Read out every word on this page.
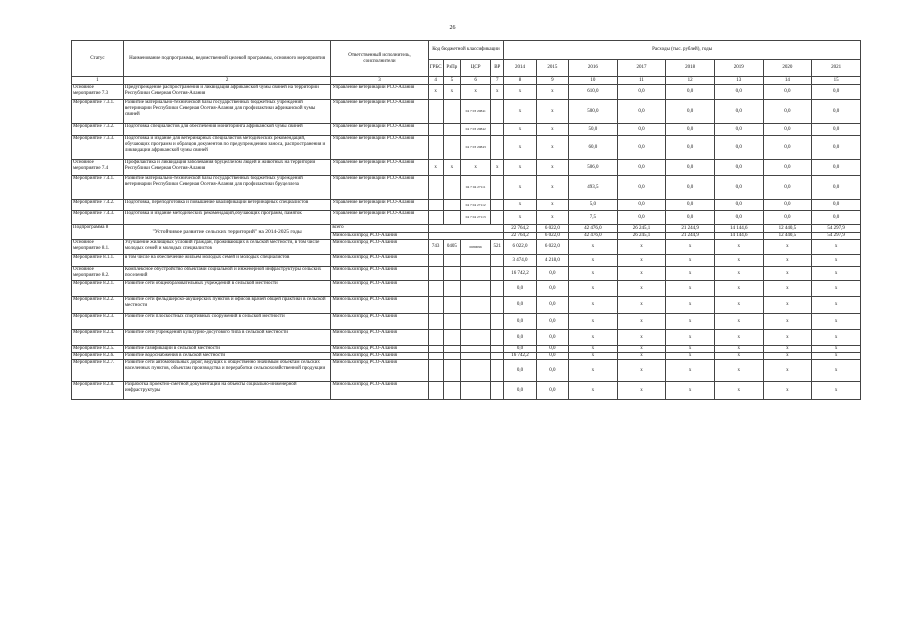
26
Статус	Наименование подпрограммы, ведомственной целевой программы, основного мероприятия	Ответственный исполнитель, соисполнители	Код бюджетной классификации				Расходы (тыс. рублей), годы							
			ГРБС	РзПр	ЦСР	ВР	2014	2015	2016	2017	2018	2019	2020	2021
1	2	3	4	5	6	7	8	9	10	11	12	13	14	15
Основное мероприятие 7.3	Предупреждение распространения и ликвидация африканской чумы свиней на территории Республики Северная Осетия-Алания	Управление ветеринарии РСО-Алания	х	х	х	х	х	х	610,0	0,0	0,0	0,0	0,0	0,0
Мероприятие 7.3.1.	Развитие материально-технической базы государственных бюджетных учреждений ветеринарии Республики Северная Осетия-Алания для профилактики африканской чумы свиней	Управление ветеринарии РСО-Алания			04 7 03 20841		х	х	500,0	0,0	0,0	0,0	0,0	0,0
Мероприятие 7.3.2.	Подготовка специалистов для обеспечения мониторинга африканской чумы свиней	Управление ветеринарии РСО-Алания			04 7 03 20842		х	х	50,0	0,0	0,0	0,0	0,0	0,0
Мероприятие 7.3.3.	Подготовка и издание для ветеринарных специалистов методических рекомендаций, обучающих программ и образцов документов по предупреждению заноса, распространения и ликвидации африканской чумы свиней	Управление ветеринарии РСО-Алания			04 7 03 20843		х	х	60,0	0,0	0,0	0,0	0,0	0,0
Основное мероприятие 7.4	Профилактика и ликвидация заболевания бруцеллезом людей и животных на территории Республики Северная Осетия-Алания	Управление ветеринарии РСО-Алания	х	х	х	х	х	х	506,0	0,0	0,0	0,0	0,0	0,0
Мероприятие 7.4.1.	Развитие материально-технической базы государственных бюджетных учреждений ветеринарии Республики Северная Осетия-Алания для профилактики бруцеллеза	Управление ветеринарии РСО-Алания			04 7 04 27111		х	х	493,5	0,0	0,0	0,0	0,0	0,0
Мероприятие 7.4.2.	Подготовка, переподготовка и повышение квалификации ветеринарных специалистов	Управление ветеринарии РСО-Алания			04 7 04 27112		х	х	5,0	0,0	0,0	0,0	0,0	0,0
Мероприятие 7.4.3.	Подготовка и издание методических рекомендаций,обучающих программ, памяток	Управление ветеринарии РСО-Алания			04 7 04 27113		х	х	7,5	0,0	0,0	0,0	0,0	0,0
Подпрограмма 8	"Устойчивое развитие сельских территорий" на 2014-2025 годы	всего					22 764,2	6 022,0	42 476,0	26 245,1	21 244,9	14 144,6	12 440,5	54 297,9
		Минсельхозпрод РСО-Алания					22 764,2	6 022,0	42 476,0	26 245,1	21 244,9	14 144,6	12 440,5	54 297,9
Основное мероприятие 8.1.	Улучшение жилищных условий граждан, проживающих в сельской местности, в том числе молодых семей и молодых специалистов	Минсельхозпрод РСО-Алания	743	0405	0680096	521	6 022,0	6 022,0	х	х	х	х	х	х
Мероприятие 8.1.1.	в том числе на обеспечение жильем молодых семей и молодых специалистов	Минсельхозпрод РСО-Алания					3 474,0	4 218,0	х	х	х	х	х	х
Основное мероприятие 8.2.	Комплексное обустройство объектами социальной и инженерной инфраструктуры сельских поселений	Минсельхозпрод РСО-Алания					16 742,2	0,0	х	х	х	х	х	х
Мероприятие 8.2.1.	Развитие сети общеобразовательных учреждений в сельской местности	Минсельхозпрод РСО-Алания					0,0	0,0	х	х	х	х	х	х
Мероприятие 8.2.2.	Развитие сети фельдшерско-акушерских пунктов и офисов врачей общей практики в сельской местности	Минсельхозпрод РСО-Алания					0,0	0,0	х	х	х	х	х	х
Мероприятие 8.2.3.	Развитие сети плоскостных спортивных сооружений в сельской местности	Минсельхозпрод РСО-Алания					0,0	0,0	х	х	х	х	х	х
Мероприятие 8.2.4.	Развитие сети учреждений культурно-досугового типа в сельской местности	Минсельхозпрод РСО-Алания					0,0	0,0	х	х	х	х	х	х
Мероприятие 8.2.5.	Развитие газификации в сельской местности	Минсельхозпрод РСО-Алания					0,0	0,0	х	х	х	х	х	х
Мероприятие 8.2.6.	Развитие водоснабжения в сельской местности	Минсельхозпрод РСО-Алания					16 742,2	0,0	х	х	х	х	х	х
Мероприятие 8.2.7.	Развитие сети автомобильных дорог, ведущих к общественно значимым объектам сельских населенных пунктов, объектам производства и переработки сельскохозяйственной продукции	Минсельхозпрод РСО-Алания					0,0	0,0	х	х	х	х	х	х
Мероприятие 8.2.8.	Разработка проектно-сметной документации на объекты социально-инженерной инфраструктуры	Минсельхозпрод РСО-Алания					0,0	0,0	х	х	х	х	х	х
